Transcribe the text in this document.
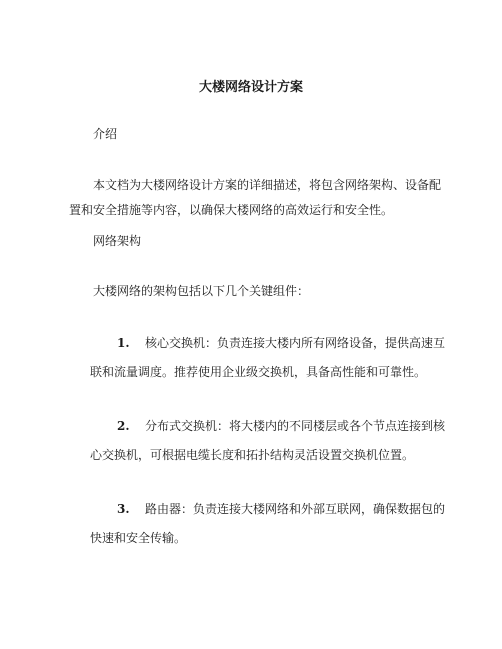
大楼网络设计方案
介绍
本文档为大楼网络设计方案的详细描述，将包含网络架构、设备配
置和安全措施等内容，以确保大楼网络的高效运行和安全性。
网络架构
大楼网络的架构包括以下几个关键组件：
1. 核心交换机：负责连接大楼内所有网络设备，提供高速互
联和流量调度。推荐使用企业级交换机，具备高性能和可靠性。
2. 分布式交换机：将大楼内的不同楼层或各个节点连接到核
心交换机，可根据电缆长度和拓扑结构灵活设置交换机位置。
3. 路由器：负责连接大楼网络和外部互联网，确保数据包的
快速和安全传输。
